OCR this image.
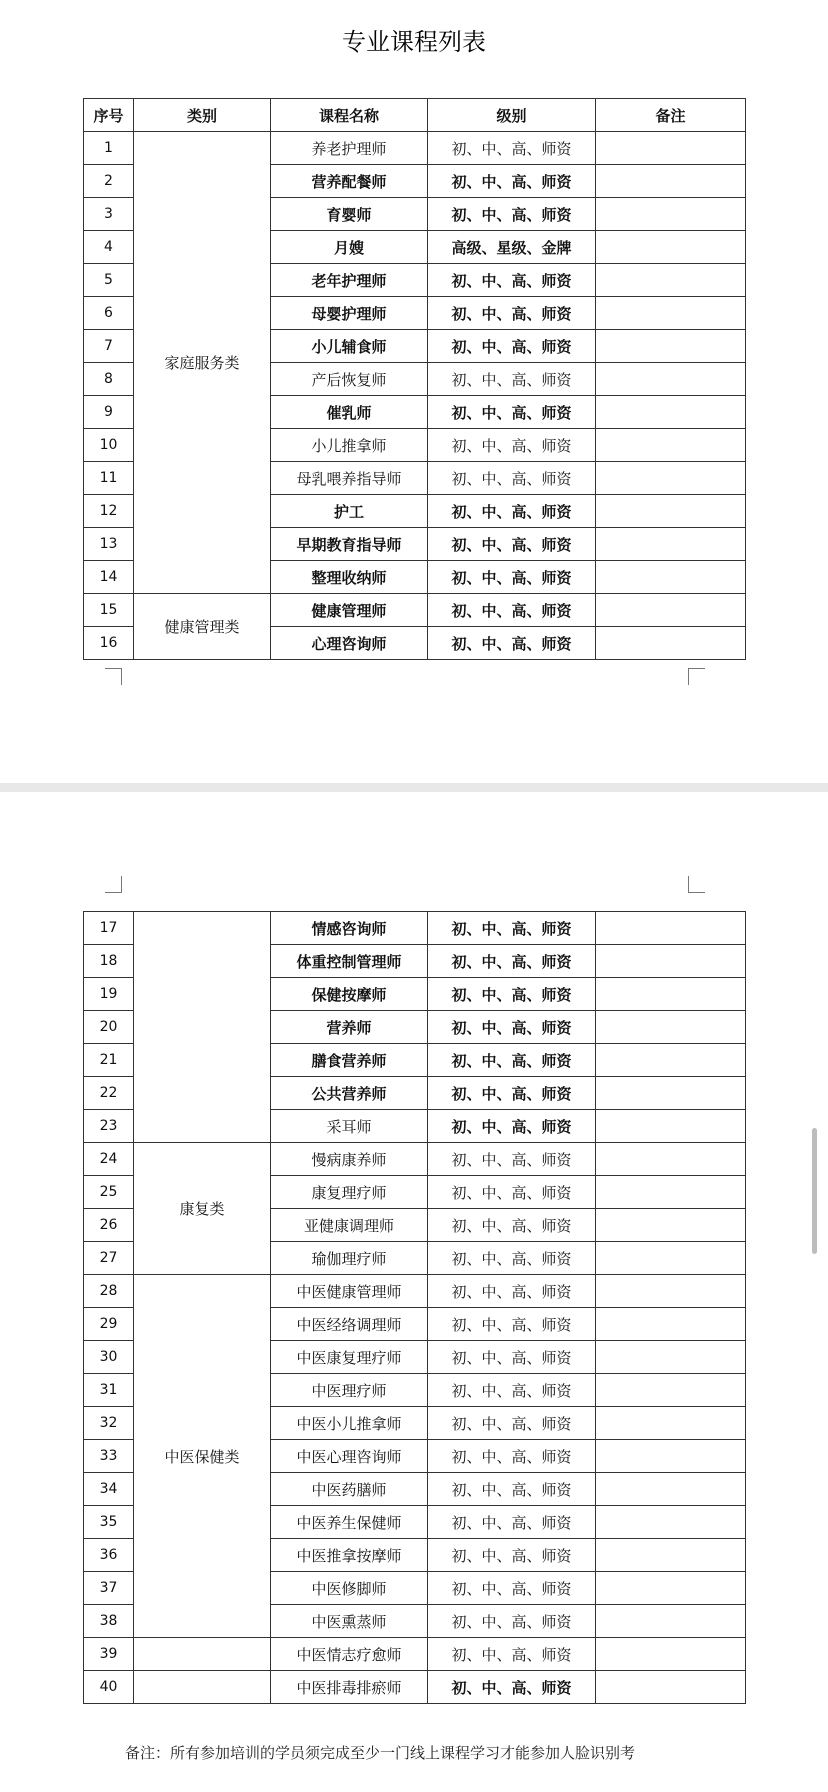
专业课程列表
序号	类别	课程名称	级别	备注
1	家庭服务类	养老护理师	初、中、高、师资	
2		营养配餐师	初、中、高、师资	
3		育婴师	初、中、高、师资	
4		月嫂	高级、星级、金牌	
5		老年护理师	初、中、高、师资	
6		母婴护理师	初、中、高、师资	
7		小儿辅食师	初、中、高、师资	
8		产后恢复师	初、中、高、师资	
9		催乳师	初、中、高、师资	
10		小儿推拿师	初、中、高、师资	
11		母乳喂养指导师	初、中、高、师资	
12		护工	初、中、高、师资	
13		早期教育指导师	初、中、高、师资	
14		整理收纳师	初、中、高、师资	
15	健康管理类	健康管理师	初、中、高、师资	
16		心理咨询师	初、中、高、师资	
17		情感咨询师	初、中、高、师资	
18		体重控制管理师	初、中、高、师资	
19		保健按摩师	初、中、高、师资	
20		营养师	初、中、高、师资	
21		膳食营养师	初、中、高、师资	
22		公共营养师	初、中、高、师资	
23		采耳师	初、中、高、师资	
24	康复类	慢病康养师	初、中、高、师资	
25		康复理疗师	初、中、高、师资	
26		亚健康调理师	初、中、高、师资	
27		瑜伽理疗师	初、中、高、师资	
28	中医保健类	中医健康管理师	初、中、高、师资	
29		中医经络调理师	初、中、高、师资	
30		中医康复理疗师	初、中、高、师资	
31		中医理疗师	初、中、高、师资	
32		中医小儿推拿师	初、中、高、师资	
33		中医心理咨询师	初、中、高、师资	
34		中医药膳师	初、中、高、师资	
35		中医养生保健师	初、中、高、师资	
36		中医推拿按摩师	初、中、高、师资	
37		中医修脚师	初、中、高、师资	
38		中医熏蒸师	初、中、高、师资	
39		中医情志疗愈师	初、中、高、师资	
40		中医排毒排瘀师	初、中、高、师资	
备注：所有参加培训的学员须完成至少一门线上课程学习才能参加人脸识别考
